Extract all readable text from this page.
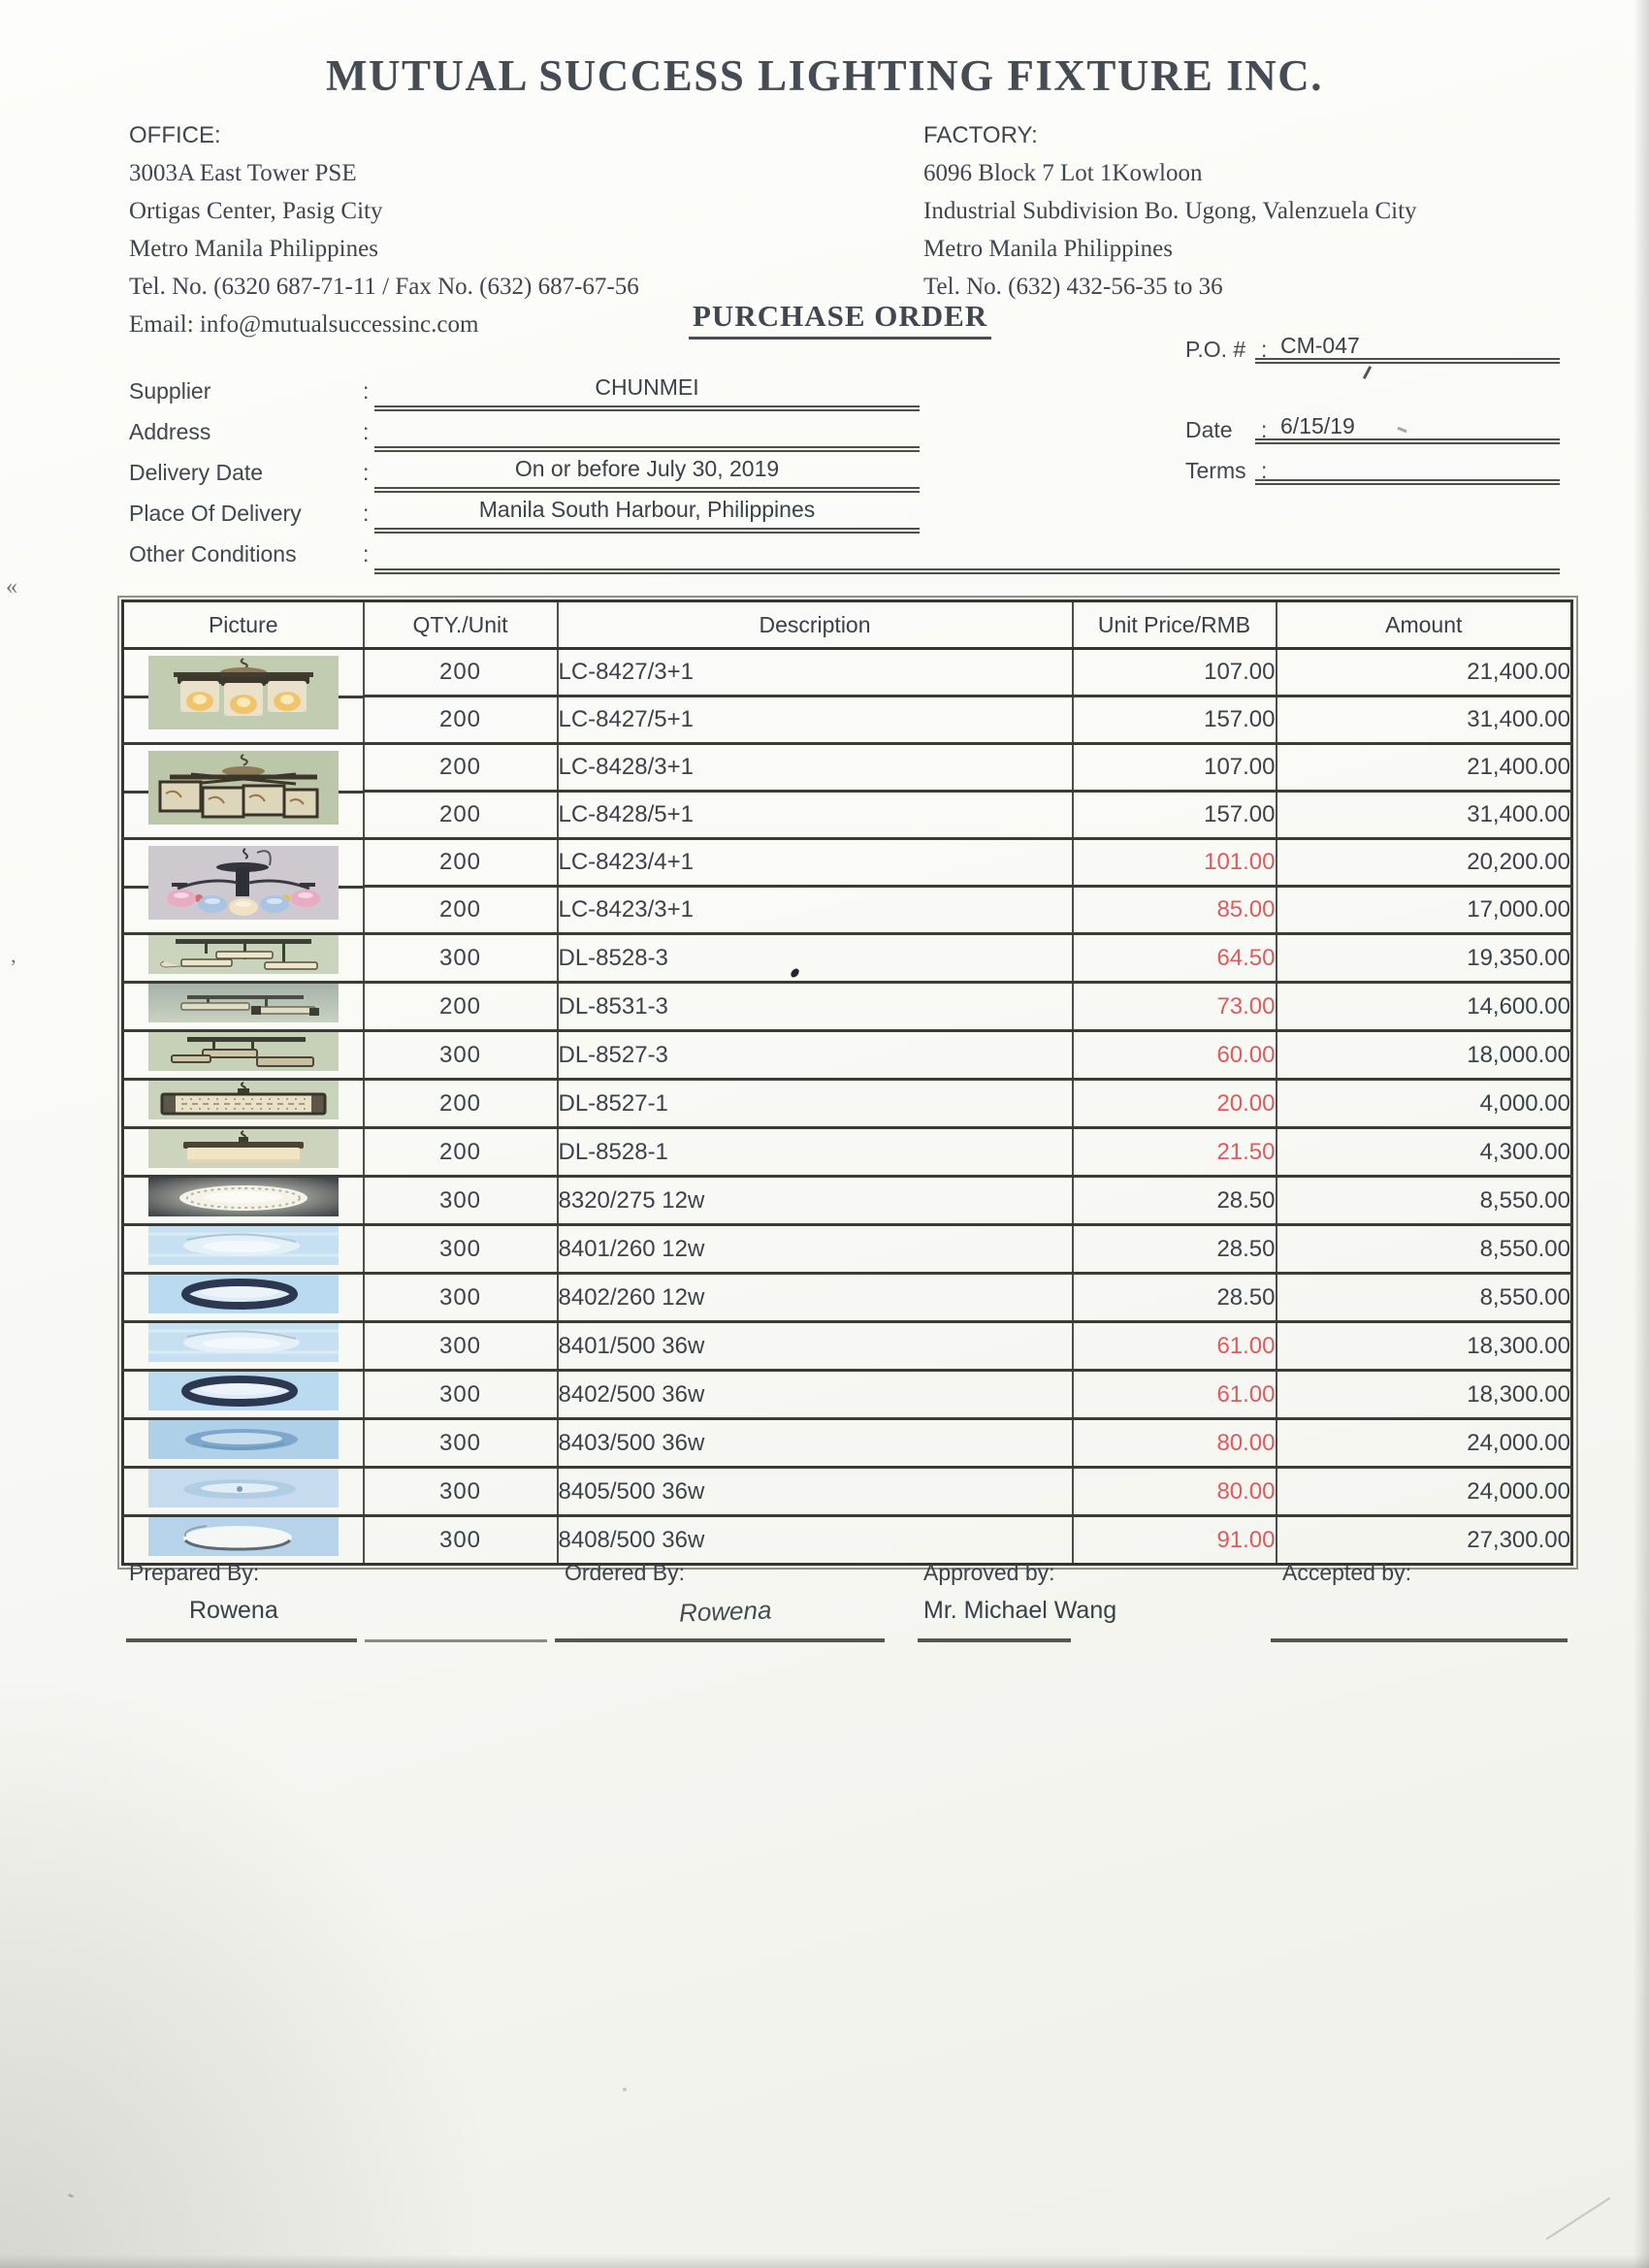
MUTUAL SUCCESS LIGHTING FIXTURE INC.
OFFICE:
3003A East Tower PSE
Ortigas Center, Pasig City
Metro Manila Philippines
Tel. No. (6320 687-71-11 / Fax No. (632) 687-67-56
Email: info@mutualsuccessinc.com
FACTORY:
6096 Block 7 Lot 1Kowloon
Industrial Subdivision Bo. Ugong, Valenzuela City
Metro Manila Philippines
Tel. No. (632) 432-56-35 to 36
PURCHASE ORDER
Supplier	:	CHUNMEI
Address	:
Delivery Date	:	On or before July 30, 2019
Place Of Delivery	:	Manila South Harbour, Philippines
Other Conditions	:
P.O. # : CM-047
Date : 6/15/19
Terms :
Picture	QTY./Unit	Description	Unit Price/RMB	Amount

	200	LC-8427/3+1	107.00	21,400.00
	200	LC-8427/5+1	157.00	31,400.00

	200	LC-8428/3+1	107.00	21,400.00
	200	LC-8428/5+1	157.00	31,400.00

	200	LC-8423/4+1	101.00	20,200.00
	200	LC-8423/3+1	85.00	17,000.00

	300	DL-8528-3	64.50	19,350.00

	200	DL-8531-3	73.00	14,600.00

	300	DL-8527-3	60.00	18,000.00

	200	DL-8527-1	20.00	4,000.00

	200	DL-8528-1	21.50	4,300.00

	300	8320/275 12w	28.50	8,550.00

	300	8401/260 12w	28.50	8,550.00

	300	8402/260 12w	28.50	8,550.00

	300	8401/500 36w	61.00	18,300.00

	300	8402/500 36w	61.00	18,300.00

	300	8403/500 36w	80.00	24,000.00

	300	8405/500 36w	80.00	24,000.00

	300	8408/500 36w	91.00	27,300.00
Prepared By:
Rowena
Ordered By:
Rowena
Approved by:
Mr. Michael Wang
Accepted by:
«
’
